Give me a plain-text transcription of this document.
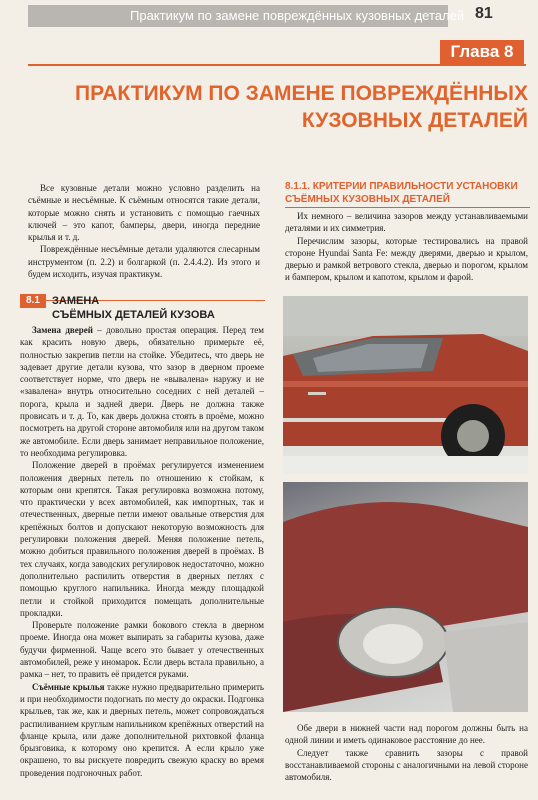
Практикум по замене повреждённых кузовных деталей 81
Глава 8
ПРАКТИКУМ ПО ЗАМЕНЕ ПОВРЕЖДЁННЫХ
КУЗОВНЫХ ДЕТАЛЕЙ
Все кузовные детали можно условно разделить на съёмные и несъёмные. К съёмным относятся такие детали, которые можно снять и установить с помощью гаечных ключей – это капот, бамперы, двери, иногда передние крылья и т. д.
Повреждённые несъёмные детали удаляются слесарным инструментом (п. 2.2) и болгаркой (п. 2.4.4.2). Из этого и будем исходить, изучая практикум.
8.1	ЗАМЕНА
СЪЁМНЫХ ДЕТАЛЕЙ КУЗОВА
Замена дверей – довольно простая операция. Перед тем как красить новую дверь, обязательно примерьте её, полностью закрепив петли на стойке. Убедитесь, что дверь не задевает другие детали кузова, что зазор в дверном проеме соответствует норме, что дверь не «вывалена» наружу и не «завалена» внутрь относительно соседних с ней деталей – порога, крыла и задней двери. Дверь не должна также провисать и т. д. То, как дверь должна стоять в проёме, можно посмотреть на другой стороне автомобиля или на другом таком же автомобиле. Если дверь занимает неправильное положение, то необходима регулировка.
Положение дверей в проёмах регулируется изменением положения дверных петель по отношению к стойкам, к которым они крепятся. Такая регулировка возможна потому, что практически у всех автомобилей, как импортных, так и отечественных, дверные петли имеют овальные отверстия для крепёжных болтов и допускают некоторую возможность для регулировки положения дверей. Меняя положение петель, можно добиться правильного положения дверей в проёмах. В тех случаях, когда заводских регулировок недостаточно, можно дополнительно распилить отверстия в дверных петлях с помощью круглого напильника. Иногда между площадкой петли и стойкой приходится помещать дополнительные прокладки.
Проверьте положение рамки бокового стекла в дверном проеме. Иногда она может выпирать за габариты кузова, даже будучи фирменной. Чаще всего это бывает у отечественных автомобилей, реже у иномарок. Если дверь встала правильно, а рамка – нет, то править её придется руками.
Съёмные крылья также нужно предварительно примерить и при необходимости подогнать по месту до окраски. Подгонка крыльев, так же, как и дверных петель, может сопровождаться распиливанием круглым напильником крепёжных отверстий на фланце крыла, или даже дополнительной рихтовкой фланца брызговика, к которому оно крепится. А если крыло уже окрашено, то вы рискуете повредить свежую краску во время проведения подгоночных работ.
8.1.1. КРИТЕРИИ ПРАВИЛЬНОСТИ УСТАНОВКИ СЪЁМНЫХ КУЗОВНЫХ ДЕТАЛЕЙ
Их немного – величина зазоров между устанавливаемыми деталями и их симметрия.
Перечислим зазоры, которые тестировались на правой стороне Hyundai Santa Fe: между дверями, дверью и крылом, дверью и рамкой ветрового стекла, дверью и порогом, крылом и бампером, крылом и капотом, крылом и фарой.
Обе двери в нижней части над порогом должны быть на одной линии и иметь одинаковое расстояние до нее.
Следует также сравнить зазоры с правой восстанавливаемой стороны с аналогичными на левой стороне автомобиля.
